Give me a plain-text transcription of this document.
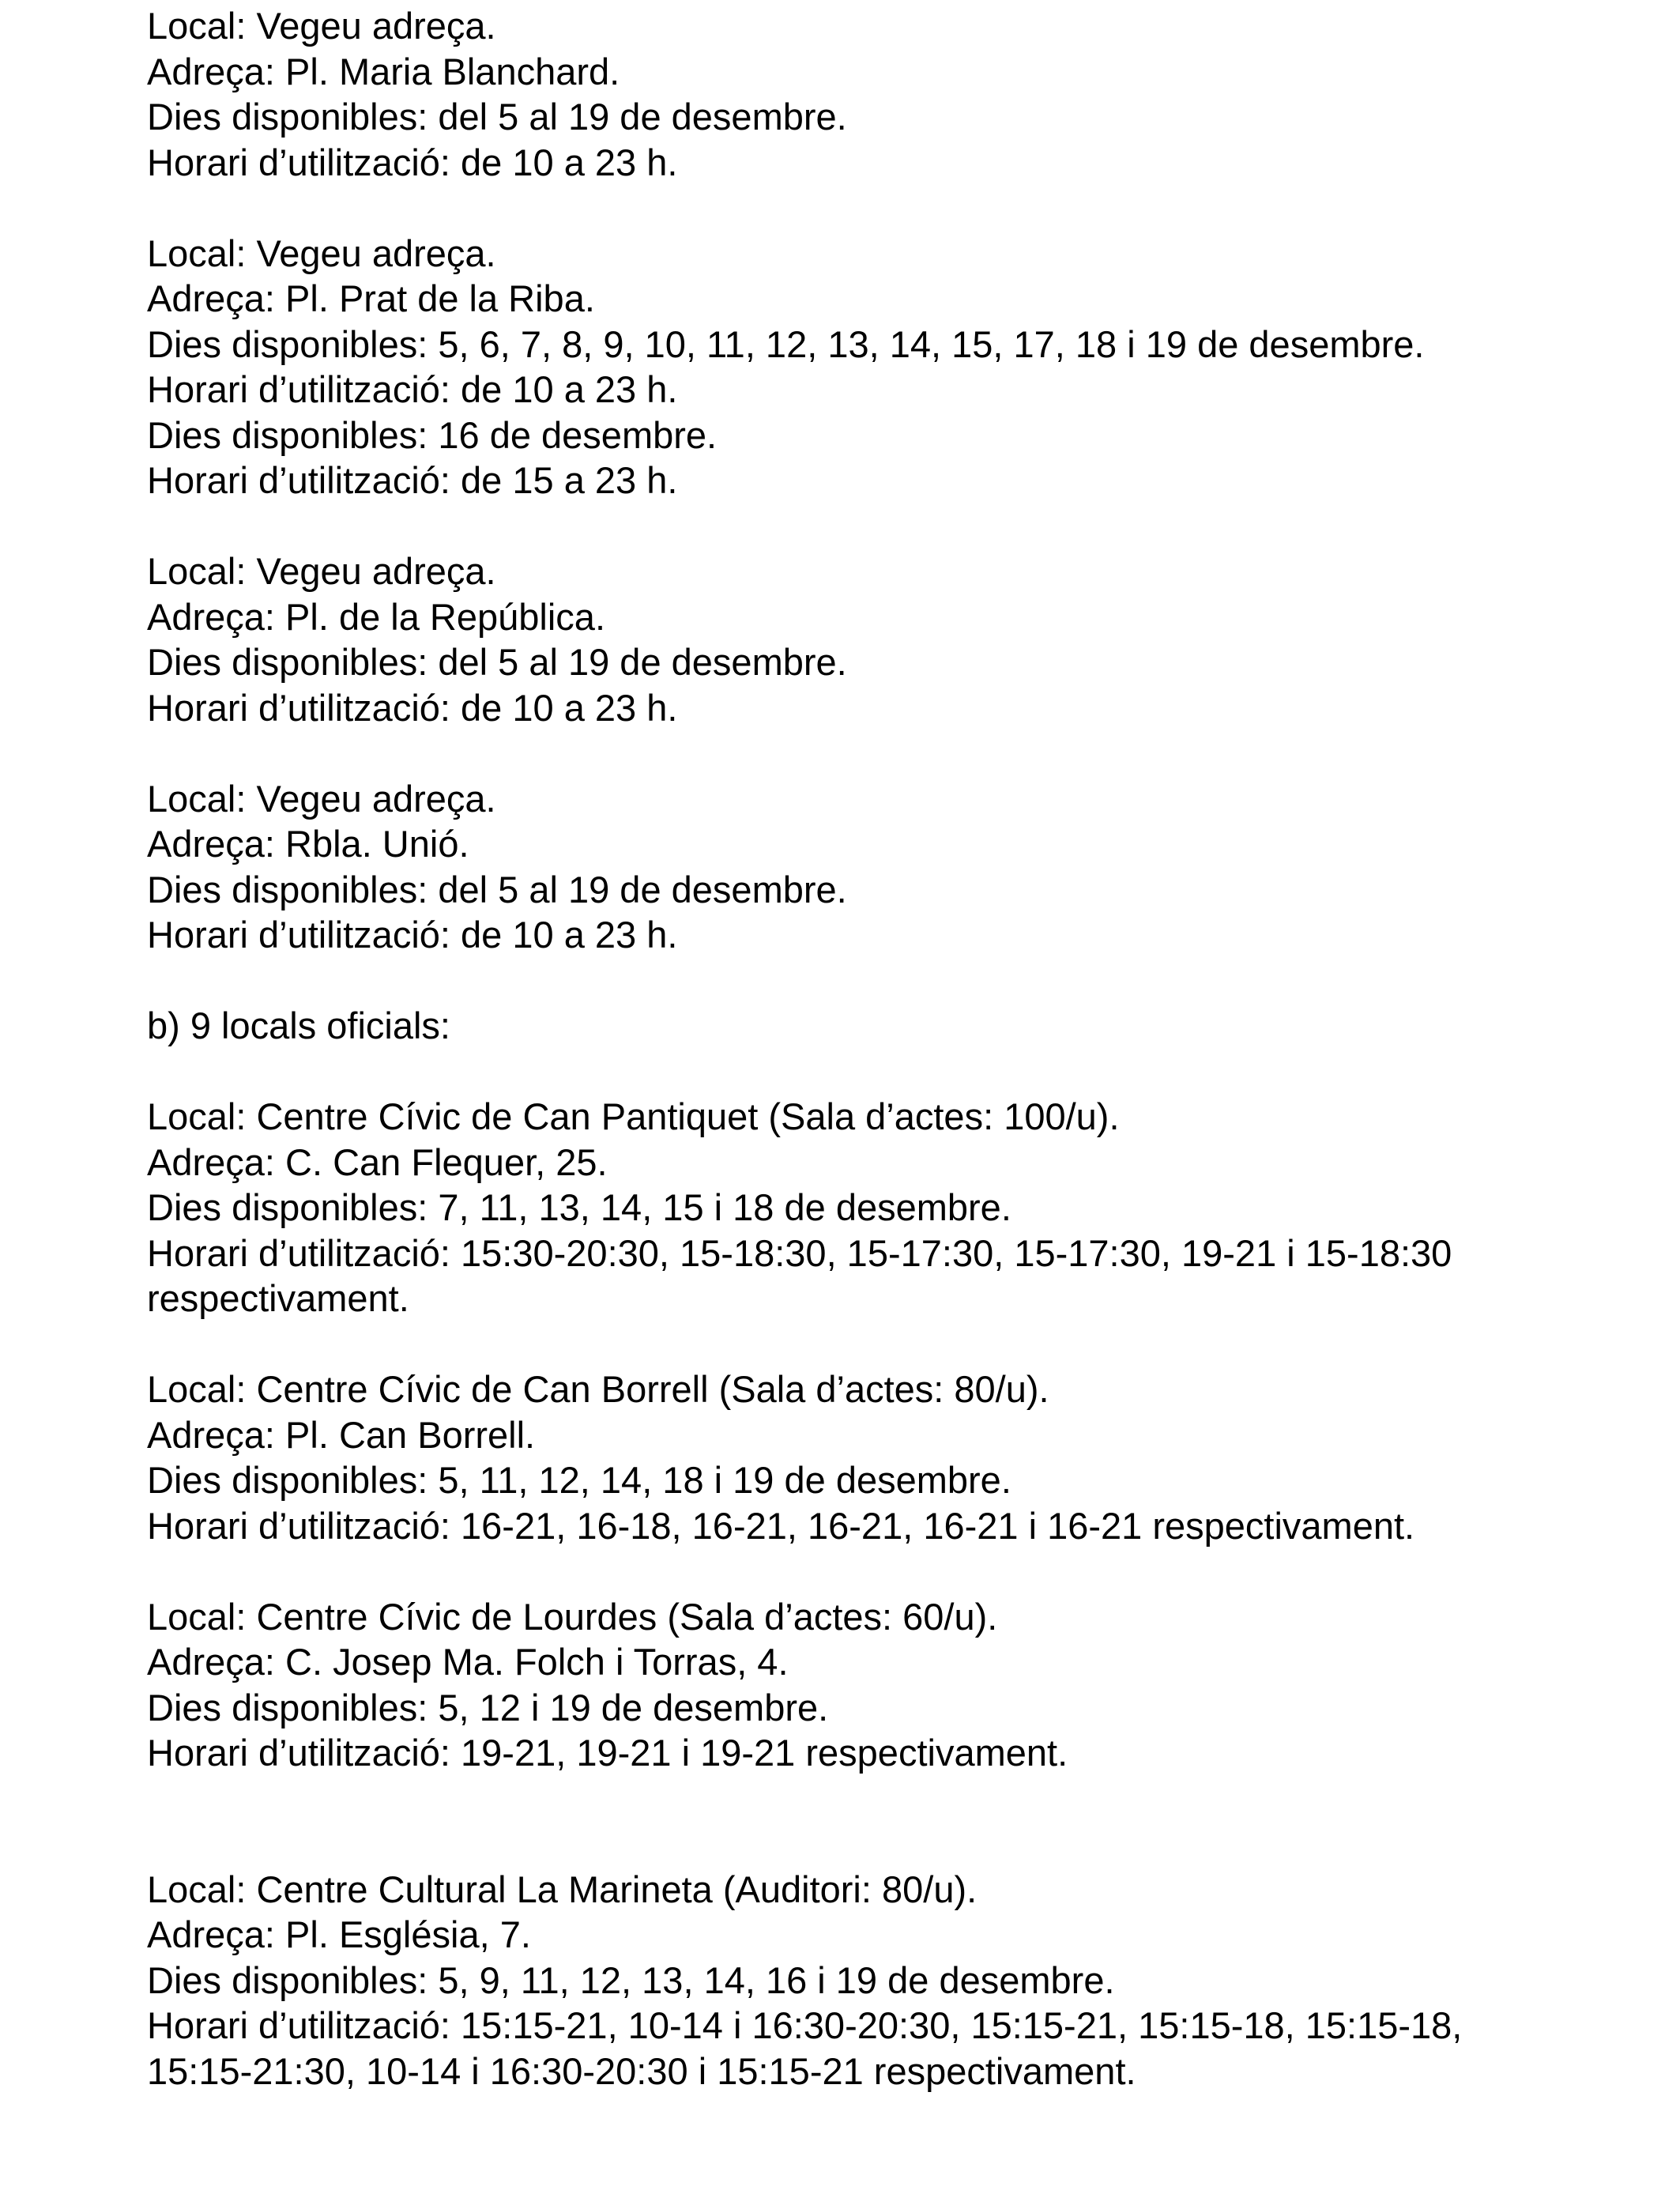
Local: Vegeu adreça.
Adreça: Pl. Maria Blanchard.
Dies disponibles: del 5 al 19 de desembre.
Horari d’utilització: de 10 a 23 h.
Local: Vegeu adreça.
Adreça: Pl. Prat de la Riba.
Dies disponibles: 5, 6, 7, 8, 9, 10, 11, 12, 13, 14, 15, 17, 18 i 19 de desembre.
Horari d’utilització: de 10 a 23 h.
Dies disponibles: 16 de desembre.
Horari d’utilització: de 15 a 23 h.
Local: Vegeu adreça.
Adreça: Pl. de la República.
Dies disponibles: del 5 al 19 de desembre.
Horari d’utilització: de 10 a 23 h.
Local: Vegeu adreça.
Adreça: Rbla. Unió.
Dies disponibles: del 5 al 19 de desembre.
Horari d’utilització: de 10 a 23 h.
b) 9 locals oficials:
Local: Centre Cívic de Can Pantiquet (Sala d’actes: 100/u).
Adreça: C. Can Flequer, 25.
Dies disponibles: 7, 11, 13, 14, 15 i 18 de desembre.
Horari d’utilització: 15:30-20:30, 15-18:30, 15-17:30, 15-17:30, 19-21 i 15-18:30
respectivament.
Local: Centre Cívic de Can Borrell (Sala d’actes: 80/u).
Adreça: Pl. Can Borrell.
Dies disponibles: 5, 11, 12, 14, 18 i 19 de desembre.
Horari d’utilització: 16-21, 16-18, 16-21, 16-21, 16-21 i 16-21 respectivament.
Local: Centre Cívic de Lourdes (Sala d’actes: 60/u).
Adreça: C. Josep Ma. Folch i Torras, 4.
Dies disponibles: 5, 12 i 19 de desembre.
Horari d’utilització: 19-21, 19-21 i 19-21 respectivament.
Local: Centre Cultural La Marineta (Auditori: 80/u).
Adreça: Pl. Església, 7.
Dies disponibles: 5, 9, 11, 12, 13, 14, 16 i 19 de desembre.
Horari d’utilització: 15:15-21, 10-14 i 16:30-20:30, 15:15-21, 15:15-18, 15:15-18,
15:15-21:30, 10-14 i 16:30-20:30 i 15:15-21 respectivament.
